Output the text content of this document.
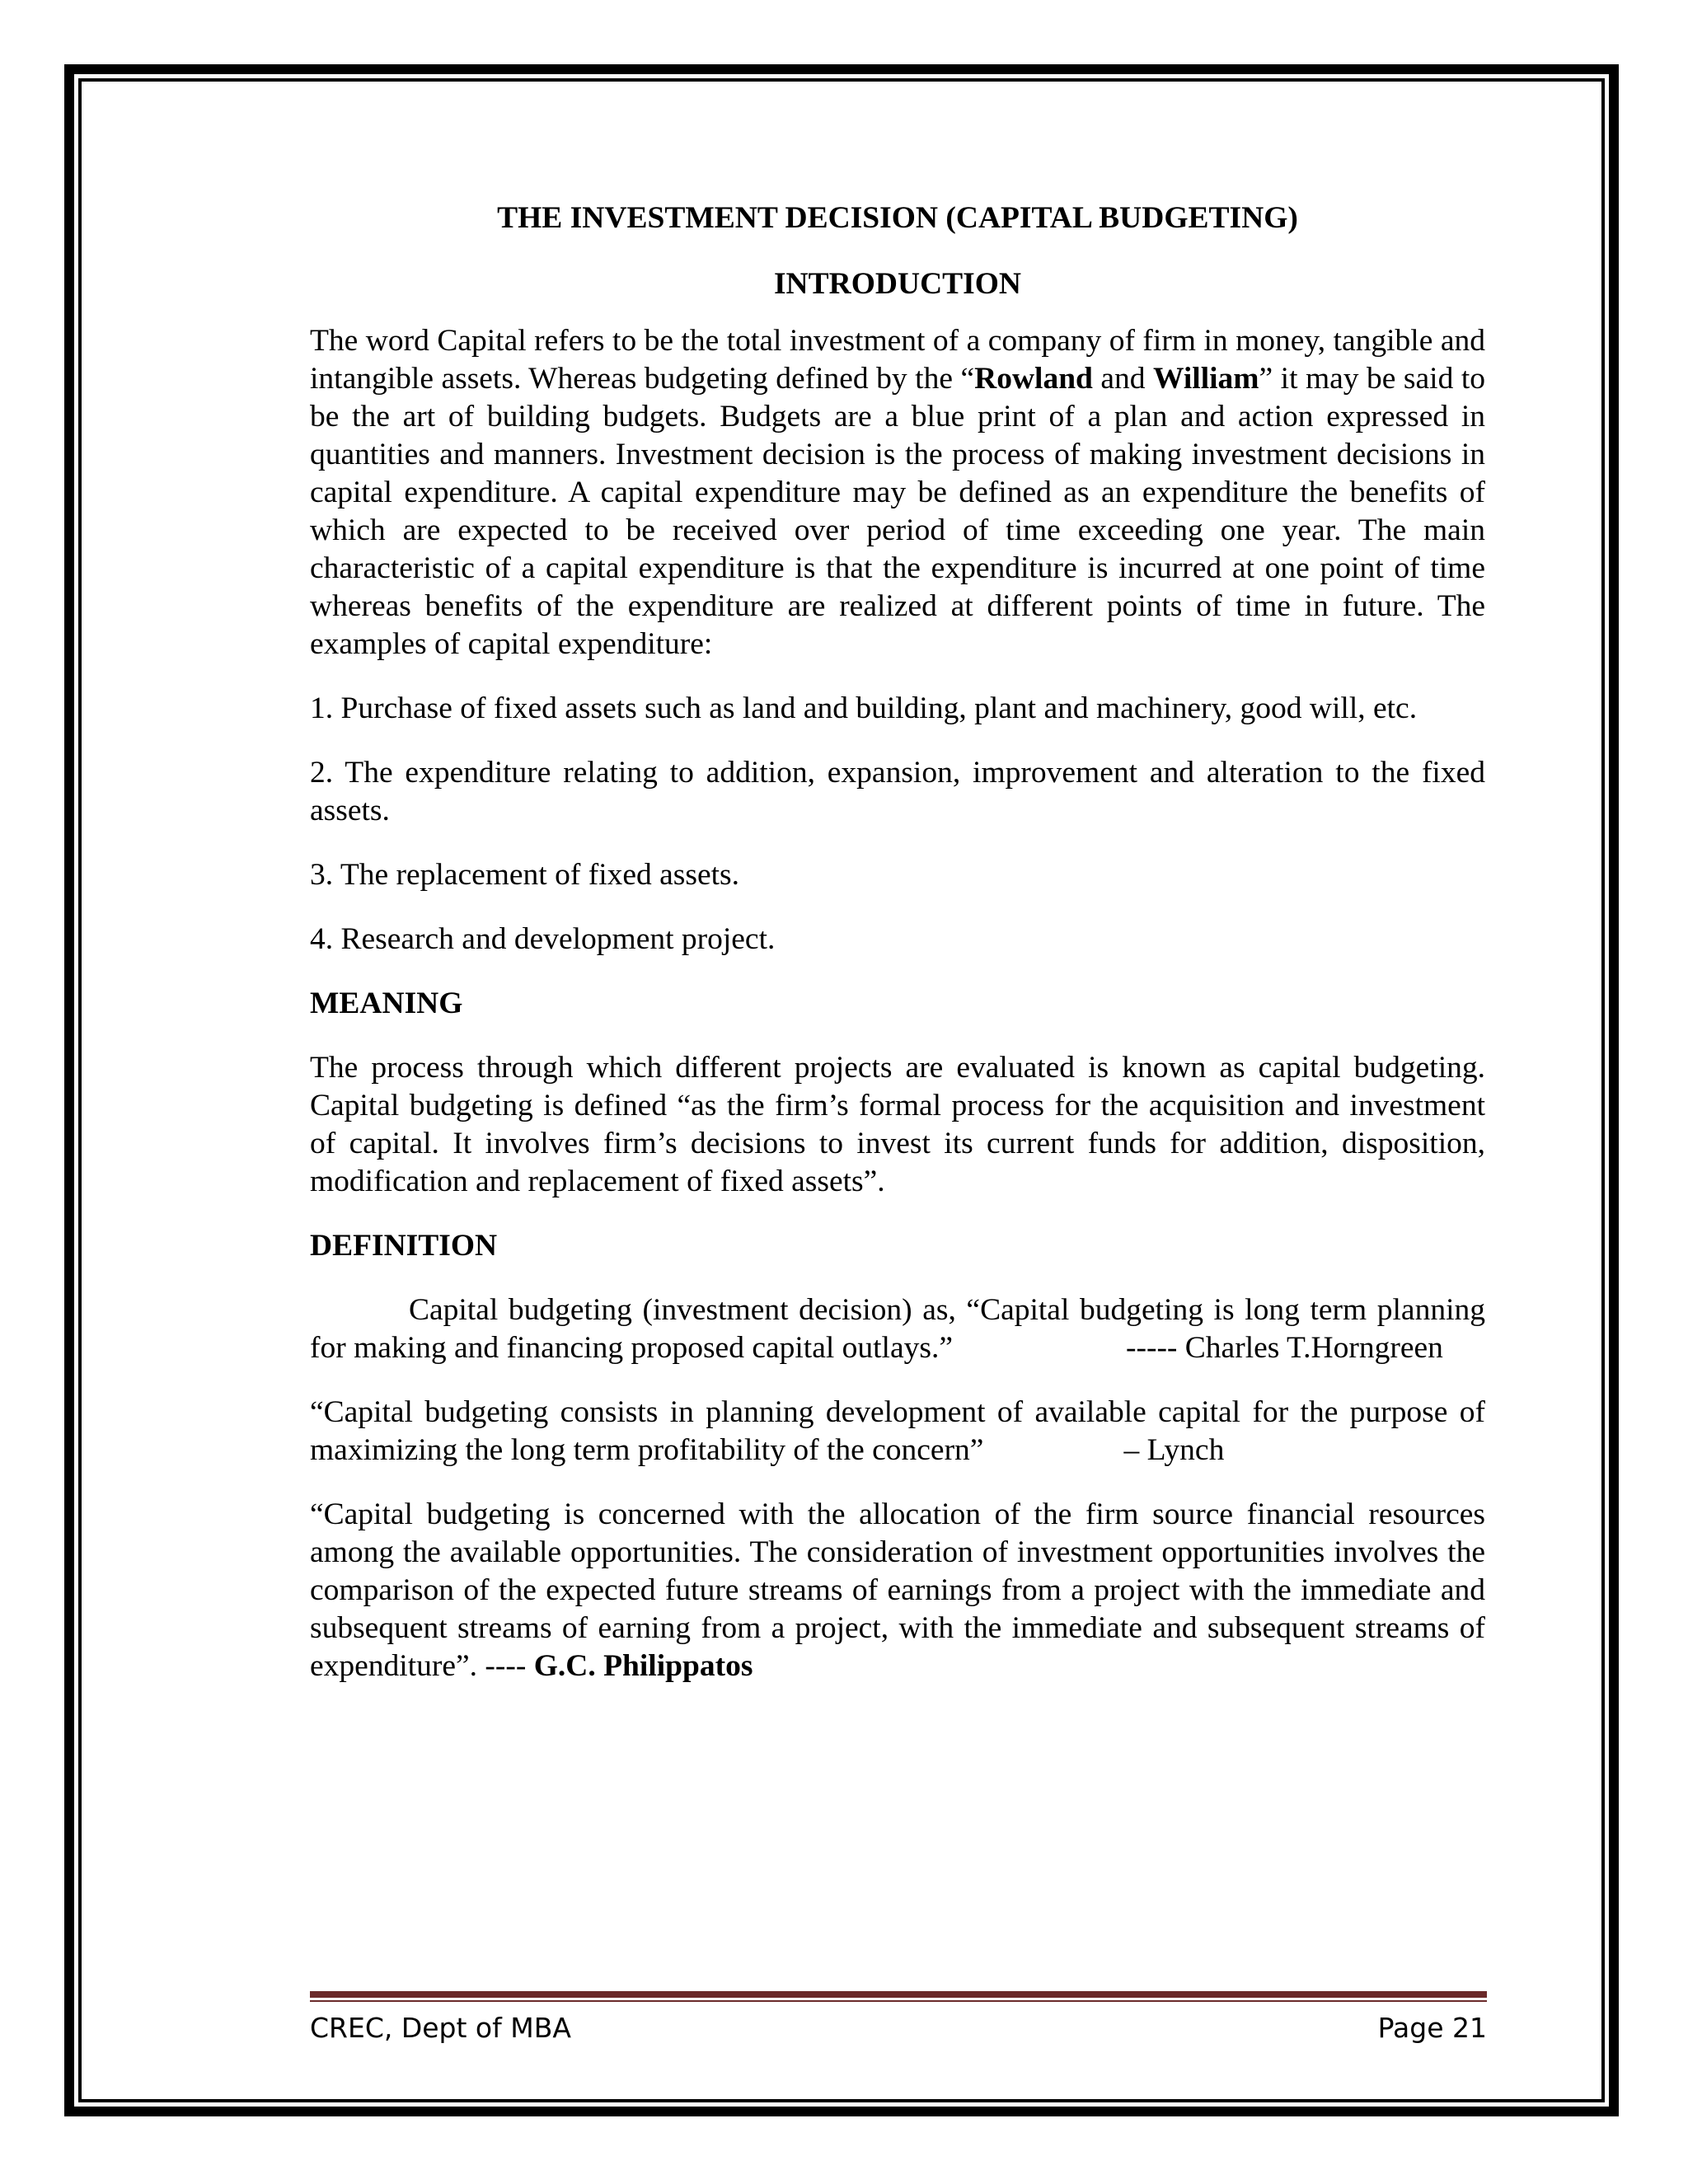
THE INVESTMENT DECISION (CAPITAL BUDGETING)
INTRODUCTION

The word Capital refers to be the total investment of a company of firm in money, tangible and intangible assets. Whereas budgeting defined by the “Rowland and William” it may be said to be the art of building budgets. Budgets are a blue print of a plan and action expressed in quantities and manners. Investment decision is the process of making investment decisions in capital expenditure. A capital expenditure may be defined as an expenditure the benefits of which are expected to be received over period of time exceeding one year. The main characteristic of a capital expenditure is that the expenditure is incurred at one point of time whereas benefits of the expenditure are realized at different points of time in future. The examples of capital expenditure:

1. Purchase of fixed assets such as land and building, plant and machinery, good will, etc.

2. The expenditure relating to addition, expansion, improvement and alteration to the fixed assets.

3. The replacement of fixed assets.

4. Research and development project.

MEANING

The process through which different projects are evaluated is known as capital budgeting. Capital budgeting is defined “as the firm’s formal process for the acquisition and investment of capital. It involves firm’s decisions to invest its current funds for addition, disposition, modification and replacement of fixed assets”.

DEFINITION

Capital budgeting (investment decision) as, “Capital budgeting is long term planning for making and financing proposed capital outlays.”	----- Charles T.Horngreen

“Capital budgeting consists in planning development of available capital for the purpose of maximizing the long term profitability of the concern”	– Lynch

“Capital budgeting is concerned with the allocation of the firm source financial resources among the available opportunities. The consideration of investment opportunities involves the comparison of the expected future streams of earnings from a project with the immediate and subsequent streams of earning from a project, with the immediate and subsequent streams of expenditure”. ---- G.C. Philippatos

CREC, Dept of MBA	Page 21
